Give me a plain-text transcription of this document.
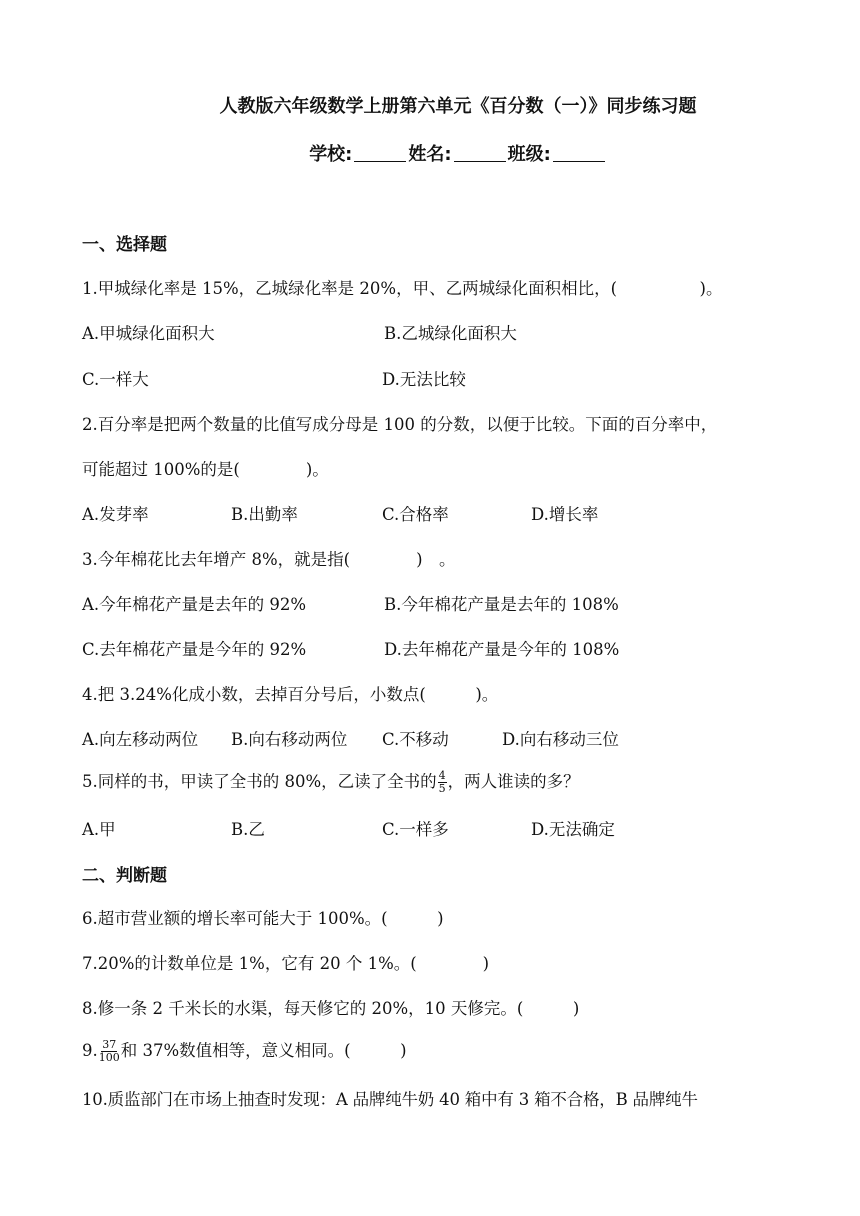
人教版六年级数学上册第六单元《百分数（一）》同步练习题
学校:	姓名:	班级:
一、选择题
1.甲城绿化率是 15%，乙城绿化率是 20%，甲、乙两城绿化面积相比，(　　　　　)。
A.甲城绿化面积大	B.乙城绿化面积大
C.一样大	D.无法比较
2.百分率是把两个数量的比值写成分母是 100 的分数，以便于比较。下面的百分率中，
可能超过 100%的是(　　　　)。
A.发芽率	B.出勤率	C.合格率	D.增长率
3.今年棉花比去年增产 8%，就是指(　　　　)　。
A.今年棉花产量是去年的 92%	B.今年棉花产量是去年的 108%
C.去年棉花产量是今年的 92%	D.去年棉花产量是今年的 108%
4.把 3.24%化成小数，去掉百分号后，小数点(　　　)。
A.向左移动两位 B.向右移动两位 C.不移动	D.向右移动三位
5.同样的书，甲读了全书的 80%，乙读了全书的 $\frac{4}{5}$ ，两人谁读的多？
A.甲	B.乙	C.一样多	D.无法确定
二、判断题
6.超市营业额的增长率可能大于 100%。(　　　)
7.20%的计数单位是 1%，它有 20 个 1%。(　　　　)
8.修一条 2 千米长的水渠，每天修它的 20%，10 天修完。(　　　)
9. $\frac{37}{100}$ 和 37%数值相等，意义相同。(　　　)
10.质监部门在市场上抽查时发现：A 品牌纯牛奶 40 箱中有 3 箱不合格，B 品牌纯牛
